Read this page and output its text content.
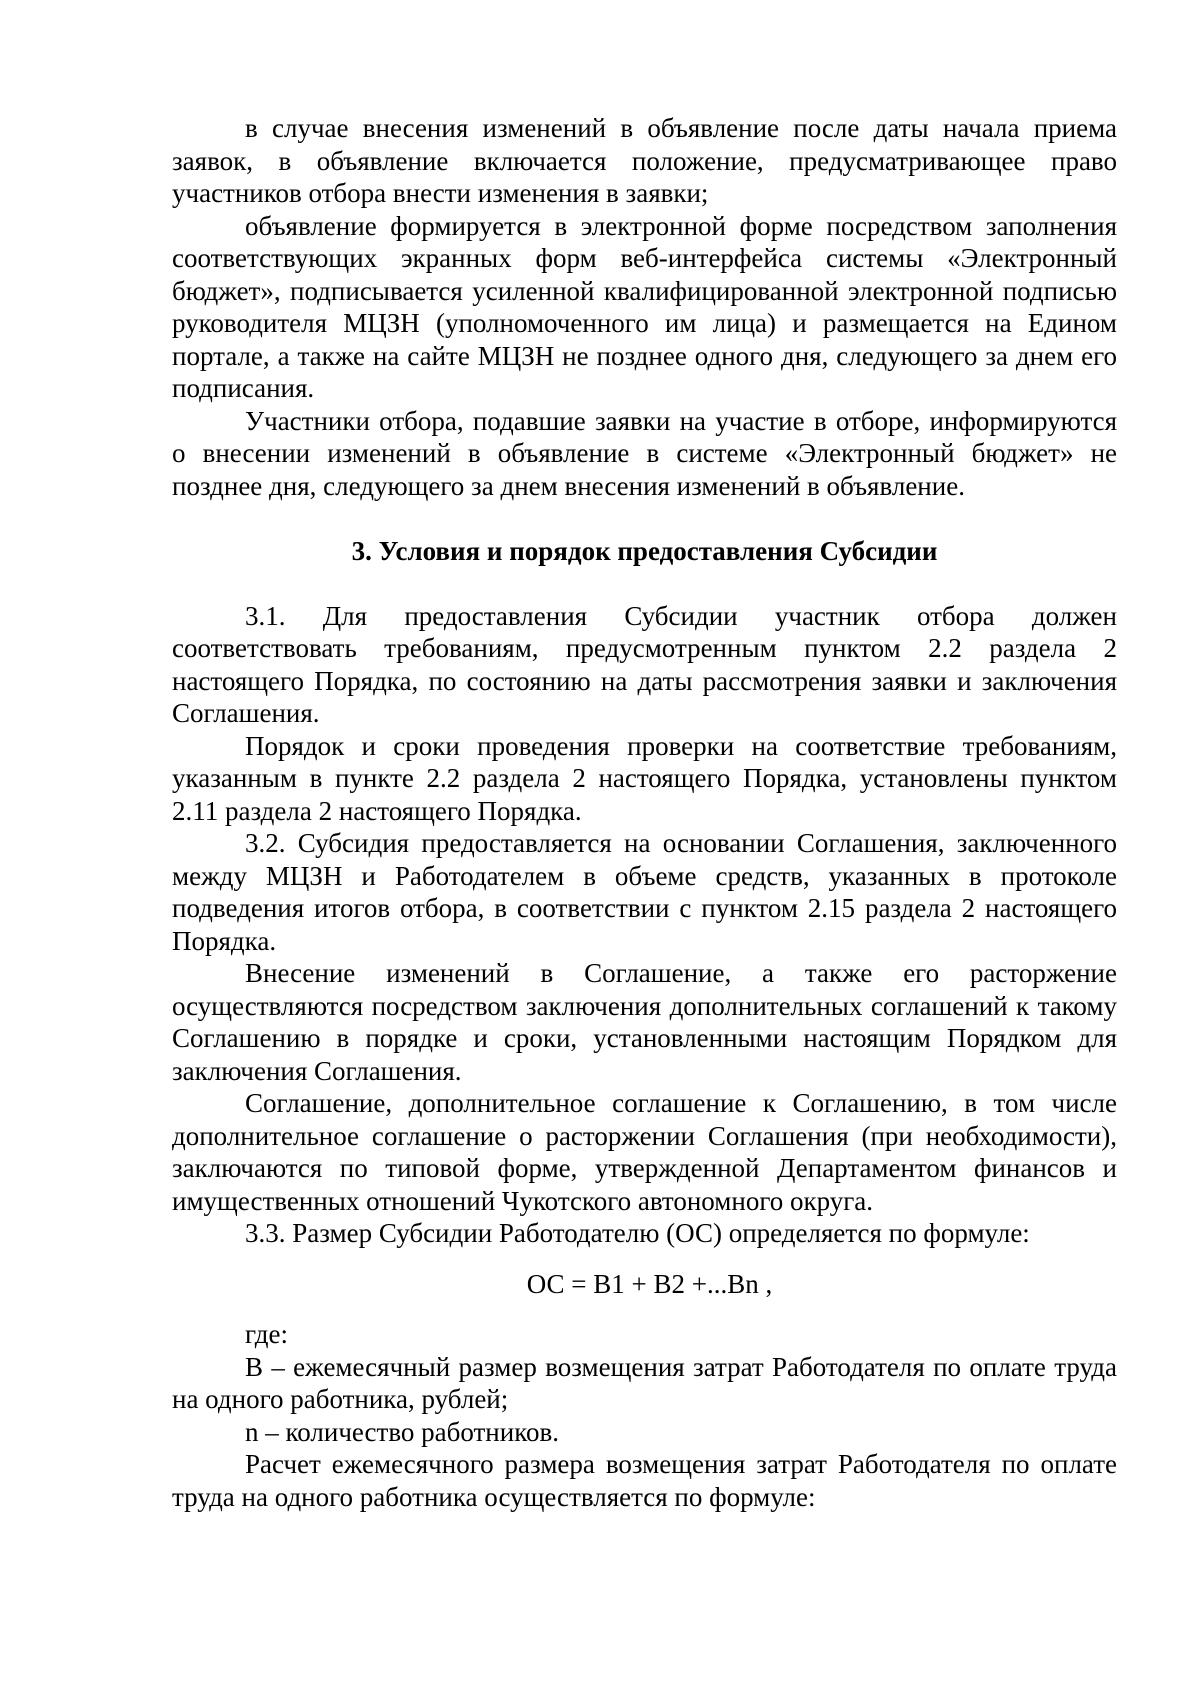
в случае внесения изменений в объявление после даты начала приема заявок, в объявление включается положение, предусматривающее право участников отбора внести изменения в заявки;

объявление формируется в электронной форме посредством заполнения соответствующих экранных форм веб-интерфейса системы «Электронный бюджет», подписывается усиленной квалифицированной электронной подписью руководителя МЦЗН (уполномоченного им лица) и размещается на Едином портале, а также на сайте МЦЗН не позднее одного дня, следующего за днем его подписания.

Участники отбора, подавшие заявки на участие в отборе, информируются о внесении изменений в объявление в системе «Электронный бюджет» не позднее дня, следующего за днем внесения изменений в объявление.

3. Условия и порядок предоставления Субсидии

3.1. Для предоставления Субсидии участник отбора должен соответствовать требованиям, предусмотренным пунктом 2.2 раздела 2 настоящего Порядка, по состоянию на даты рассмотрения заявки и заключения Соглашения.

Порядок и сроки проведения проверки на соответствие требованиям, указанным в пункте 2.2 раздела 2 настоящего Порядка, установлены пунктом 2.11 раздела 2 настоящего Порядка.

3.2. Субсидия предоставляется на основании Соглашения, заключенного между МЦЗН и Работодателем в объеме средств, указанных в протоколе подведения итогов отбора, в соответствии с пунктом 2.15 раздела 2 настоящего Порядка.

Внесение изменений в Соглашение, а также его расторжение осуществляются посредством заключения дополнительных соглашений к такому Соглашению в порядке и сроки, установленными настоящим Порядком для заключения Соглашения.

Соглашение, дополнительное соглашение к Соглашению, в том числе дополнительное соглашение о расторжении Соглашения (при необходимости), заключаются по типовой форме, утвержденной Департаментом финансов и имущественных отношений Чукотского автономного округа.

3.3. Размер Субсидии Работодателю (ОС) определяется по формуле:

ОС = В1 + В2 +...Вn ,

где:

В – ежемесячный размер возмещения затрат Работодателя по оплате труда на одного работника, рублей;

n – количество работников.

Расчет ежемесячного размера возмещения затрат Работодателя по оплате труда на одного работника осуществляется по формуле:
